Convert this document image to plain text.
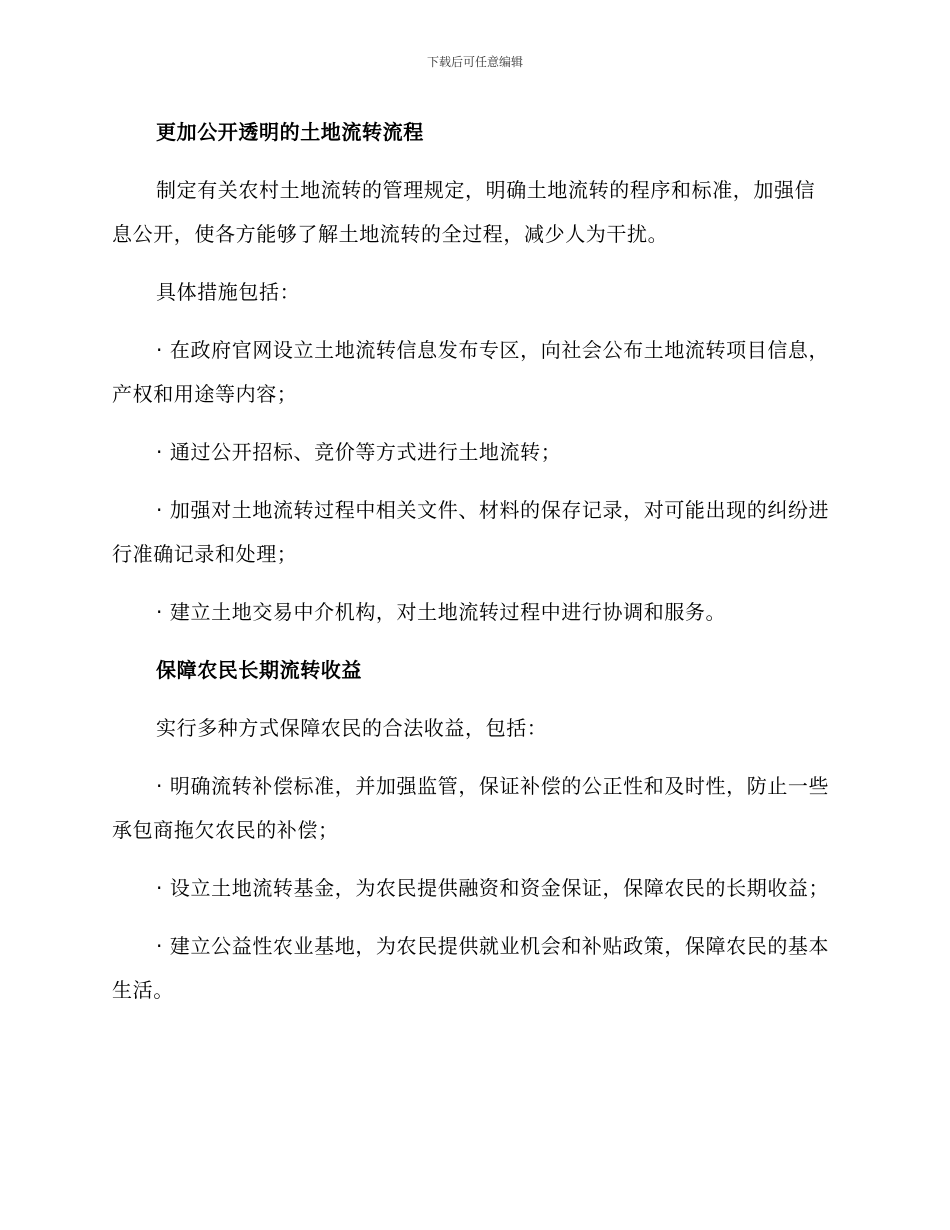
下载后可任意编辑

更加公开透明的土地流转流程

制定有关农村土地流转的管理规定，明确土地流转的程序和标准，加强信息公开，使各方能够了解土地流转的全过程，减少人为干扰。

具体措施包括：

· 在政府官网设立土地流转信息发布专区，向社会公布土地流转项目信息，产权和用途等内容；

· 通过公开招标、竞价等方式进行土地流转；

· 加强对土地流转过程中相关文件、材料的保存记录，对可能出现的纠纷进行准确记录和处理；

· 建立土地交易中介机构，对土地流转过程中进行协调和服务。

保障农民长期流转收益

实行多种方式保障农民的合法收益，包括：

· 明确流转补偿标准，并加强监管，保证补偿的公正性和及时性，防止一些承包商拖欠农民的补偿；

· 设立土地流转基金，为农民提供融资和资金保证，保障农民的长期收益；

· 建立公益性农业基地，为农民提供就业机会和补贴政策，保障农民的基本生活。
